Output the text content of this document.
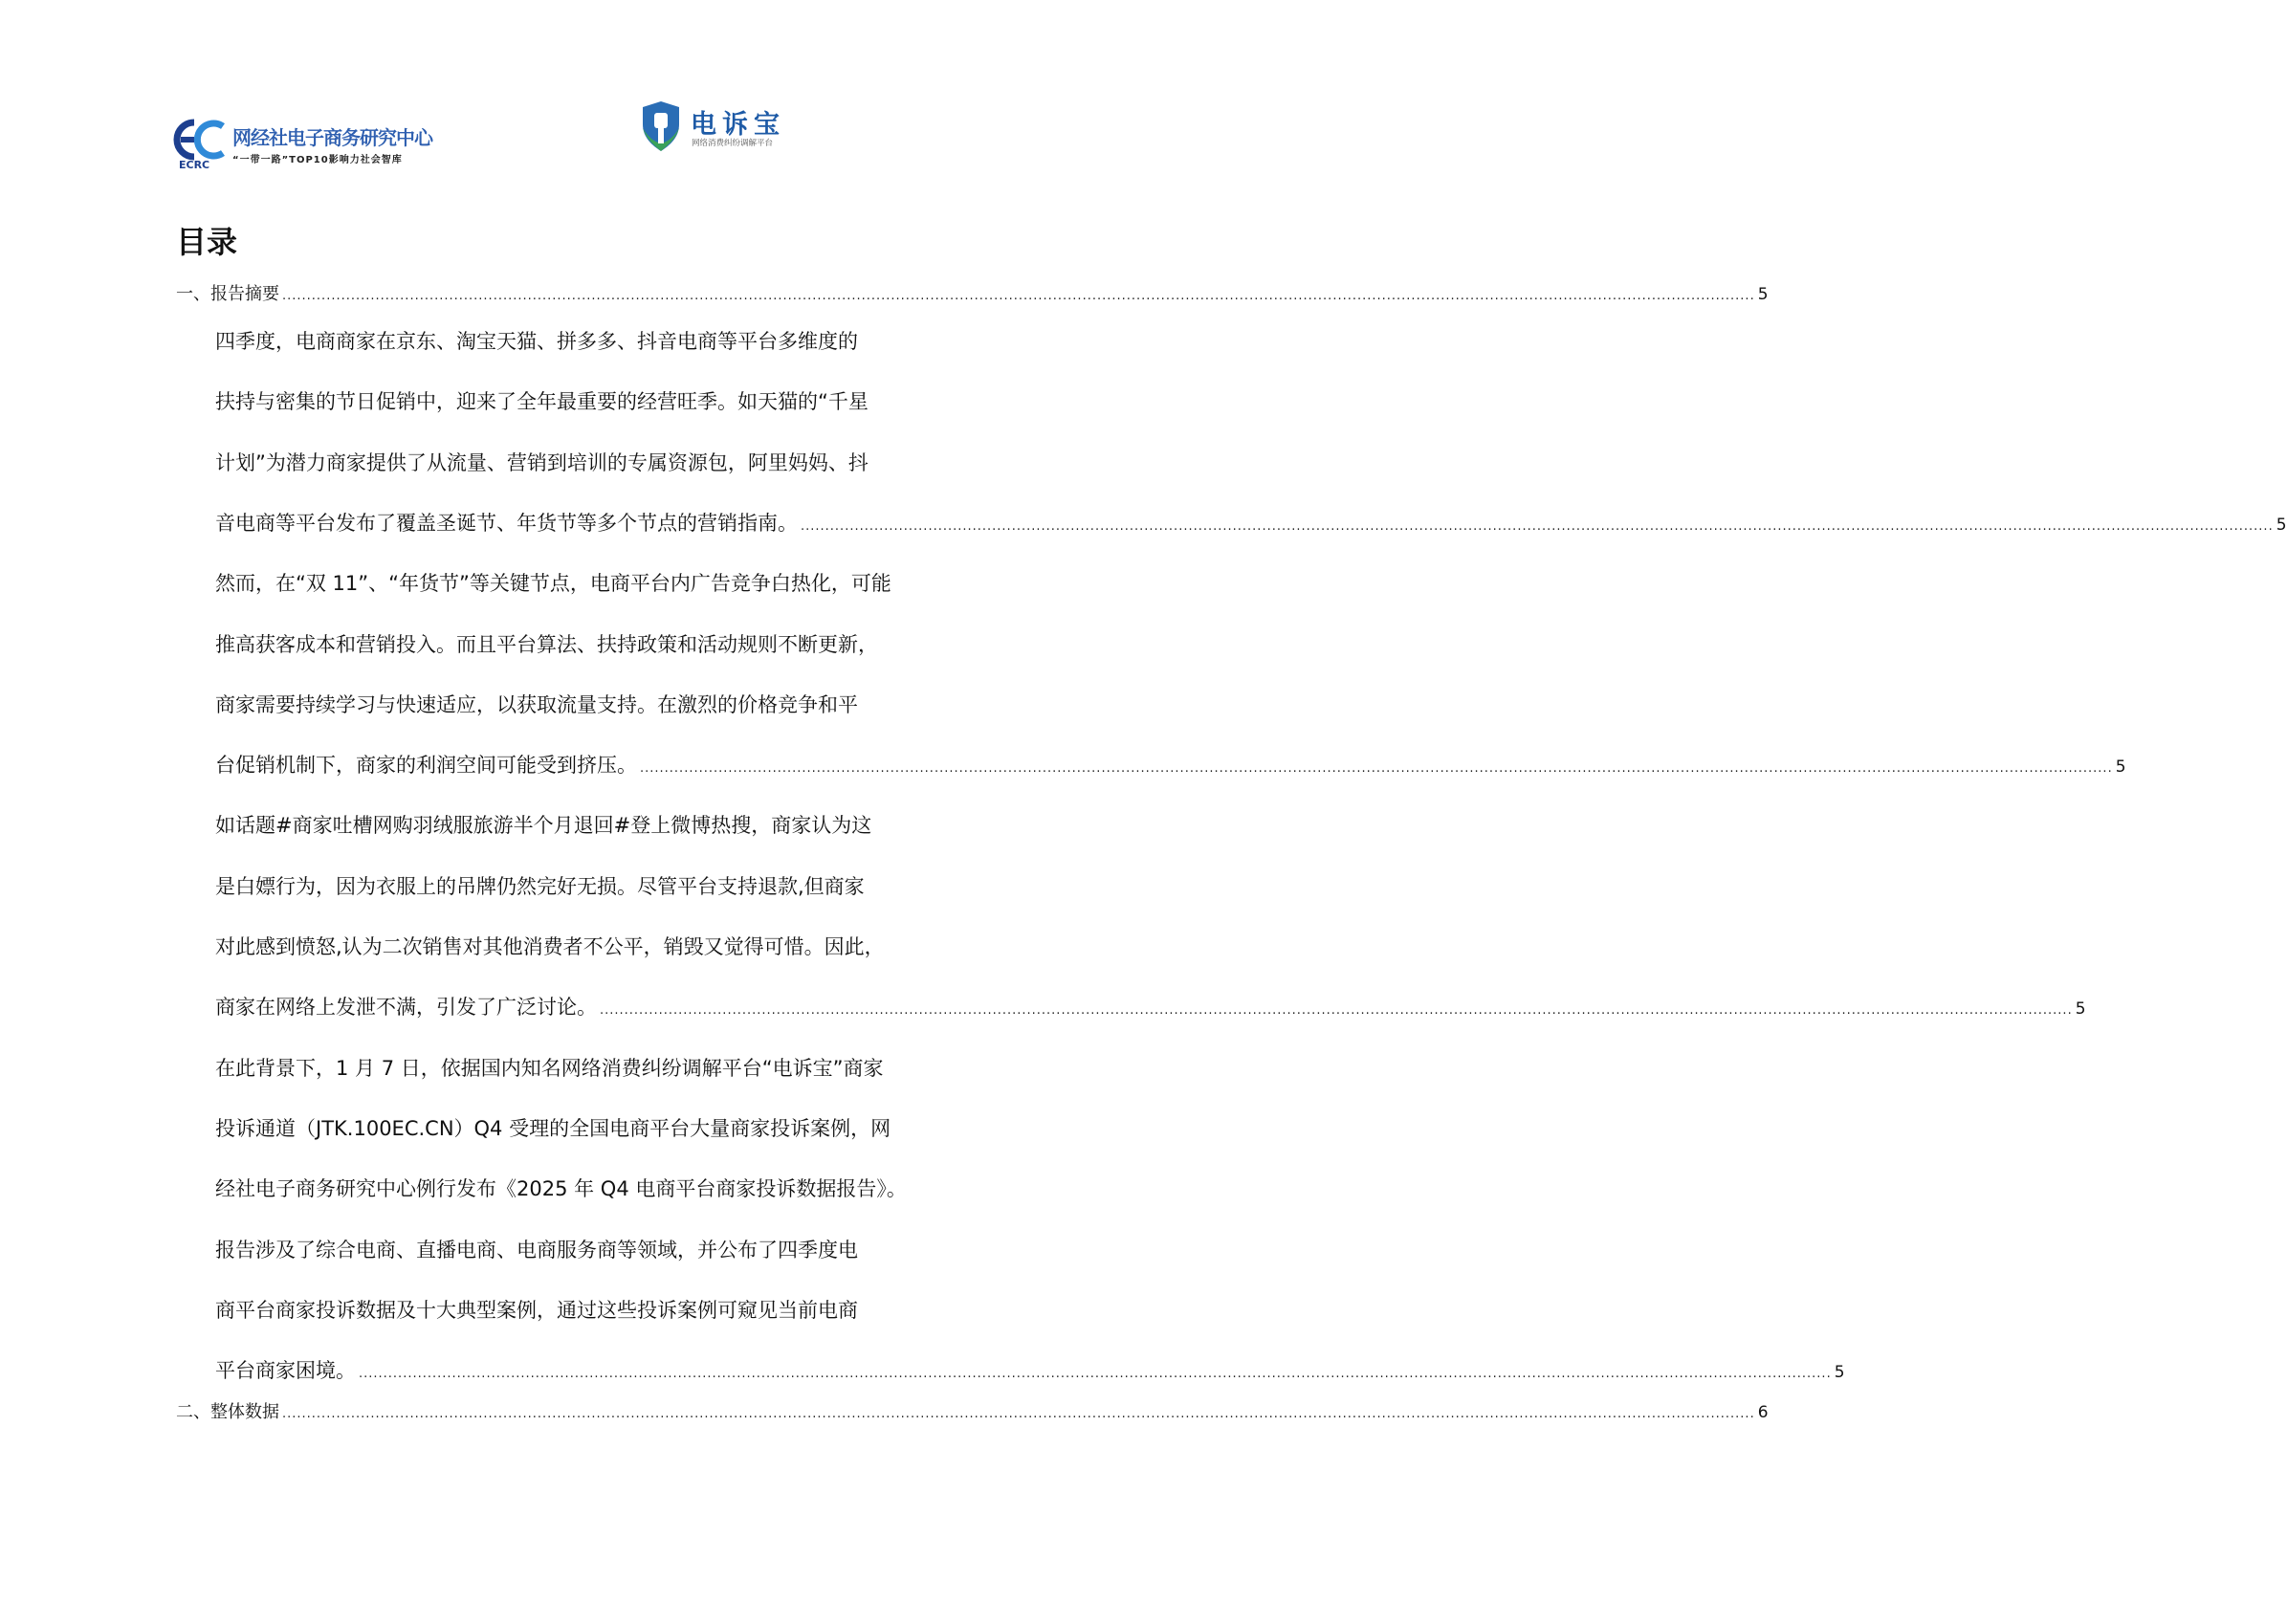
ECRC
网经社电子商务研究中心
“一带一路”TOP10影响力社会智库
电诉宝
网络消费纠纷调解平台
目录
一、报告摘要 ............................................................................................................................................................................................................................................................................................................ 5
四季度，电商商家在京东、淘宝天猫、拼多多、抖音电商等平台多维度的
扶持与密集的节日促销中，迎来了全年最重要的经营旺季。如天猫的“千星
计划”为潜力商家提供了从流量、营销到培训的专属资源包，阿里妈妈、抖
音电商等平台发布了覆盖圣诞节、年货节等多个节点的营销指南。 ............................................................................................................................................................................................................................................................................................................ 5
然而，在“双 11”、“年货节”等关键节点，电商平台内广告竞争白热化，可能
推高获客成本和营销投入。而且平台算法、扶持政策和活动规则不断更新，
商家需要持续学习与快速适应，以获取流量支持。在激烈的价格竞争和平
台促销机制下，商家的利润空间可能受到挤压。 ............................................................................................................................................................................................................................................................................................................ 5
如话题#商家吐槽网购羽绒服旅游半个月退回#登上微博热搜，商家认为这
是白嫖行为，因为衣服上的吊牌仍然完好无损。尽管平台支持退款,但商家
对此感到愤怒,认为二次销售对其他消费者不公平，销毁又觉得可惜。因此，
商家在网络上发泄不满，引发了广泛讨论。 ............................................................................................................................................................................................................................................................................................................ 5
在此背景下，1 月 7 日，依据国内知名网络消费纠纷调解平台“电诉宝”商家
投诉通道（JTK.100EC.CN）Q4 受理的全国电商平台大量商家投诉案例，网
经社电子商务研究中心例行发布《2025 年 Q4 电商平台商家投诉数据报告》。
报告涉及了综合电商、直播电商、电商服务商等领域，并公布了四季度电
商平台商家投诉数据及十大典型案例，通过这些投诉案例可窥见当前电商
平台商家困境。 ............................................................................................................................................................................................................................................................................................................ 5
二、整体数据 ............................................................................................................................................................................................................................................................................................................ 6
